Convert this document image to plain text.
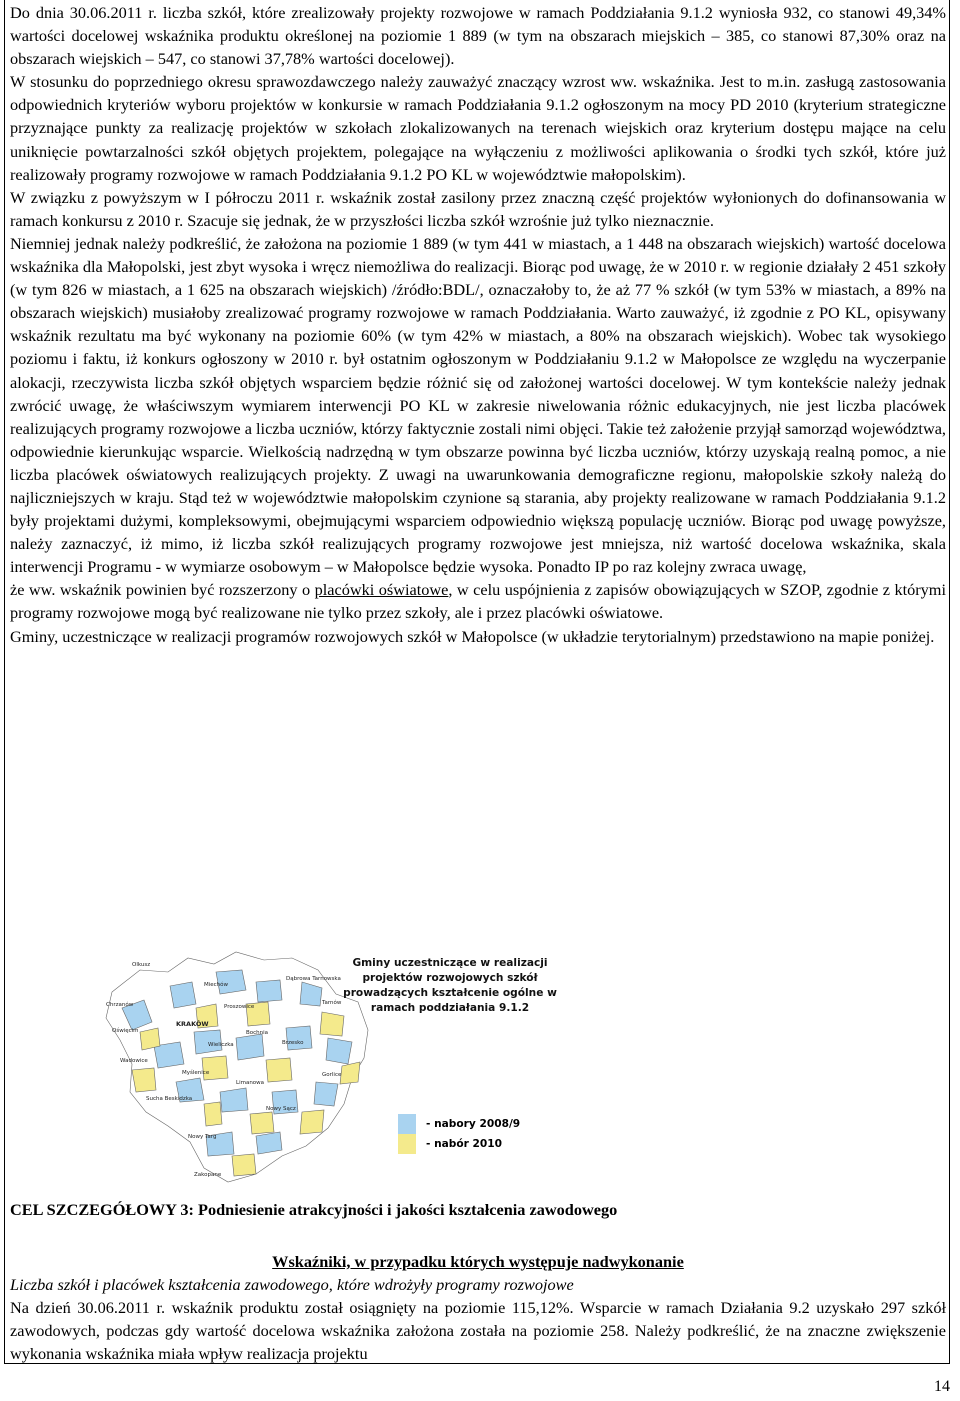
Do dnia 30.06.2011 r. liczba szkół, które zrealizowały projekty rozwojowe w ramach Poddziałania 9.1.2 wyniosła 932, co stanowi 49,34% wartości docelowej wskaźnika produktu określonej na poziomie 1 889 (w tym na obszarach miejskich – 385, co stanowi 87,30% oraz na obszarach wiejskich – 547, co stanowi 37,78% wartości docelowej).

W stosunku do poprzedniego okresu sprawozdawczego należy zauważyć znaczący wzrost ww. wskaźnika. Jest to m.in. zasługą zastosowania odpowiednich kryteriów wyboru projektów w konkursie w ramach Poddziałania 9.1.2 ogłoszonym na mocy PD 2010 (kryterium strategiczne przyznające punkty za realizację projektów w szkołach zlokalizowanych na terenach wiejskich oraz kryterium dostępu mające na celu uniknięcie powtarzalności szkół objętych projektem, polegające na wyłączeniu z możliwości aplikowania o środki tych szkół, które już realizowały programy rozwojowe w ramach Poddziałania 9.1.2 PO KL w województwie małopolskim).

W związku z powyższym w I półroczu 2011 r. wskaźnik został zasilony przez znaczną część projektów wyłonionych do dofinansowania w ramach konkursu z 2010 r. Szacuje się jednak, że w przyszłości liczba szkół wzrośnie już tylko nieznacznie.

Niemniej jednak należy podkreślić, że założona na poziomie 1 889 (w tym 441 w miastach, a 1 448 na obszarach wiejskich) wartość docelowa wskaźnika dla Małopolski, jest zbyt wysoka i wręcz niemożliwa do realizacji. Biorąc pod uwagę, że w 2010 r. w regionie działały 2 451 szkoły (w tym 826 w miastach, a 1 625 na obszarach wiejskich) /źródło:BDL/, oznaczałoby to, że aż 77 % szkół (w tym 53% w miastach, a 89% na obszarach wiejskich) musiałoby zrealizować programy rozwojowe w ramach Poddziałania. Warto zauważyć, iż zgodnie z PO KL, opisywany wskaźnik rezultatu ma być wykonany na poziomie 60% (w tym 42% w miastach, a 80% na obszarach wiejskich). Wobec tak wysokiego poziomu i faktu, iż konkurs ogłoszony w 2010 r. był ostatnim ogłoszonym w Poddziałaniu 9.1.2 w Małopolsce ze względu na wyczerpanie alokacji, rzeczywista liczba szkół objętych wsparciem będzie różnić się od założonej wartości docelowej. W tym kontekście należy jednak zwrócić uwagę, że właściwszym wymiarem interwencji PO KL w zakresie niwelowania różnic edukacyjnych, nie jest liczba placówek realizujących programy rozwojowe a liczba uczniów, którzy faktycznie zostali nimi objęci. Takie też założenie przyjął samorząd województwa, odpowiednie kierunkując wsparcie. Wielkością nadrzędną w tym obszarze powinna być liczba uczniów, którzy uzyskają realną pomoc, a nie liczba placówek oświatowych realizujących projekty. Z uwagi na uwarunkowania demograficzne regionu, małopolskie szkoły należą do najliczniejszych w kraju. Stąd też w województwie małopolskim czynione są starania, aby projekty realizowane w ramach Poddziałania 9.1.2 były projektami dużymi, kompleksowymi, obejmującymi wsparciem odpowiednio większą populację uczniów. Biorąc pod uwagę powyższe, należy zaznaczyć, iż mimo, iż liczba szkół realizujących programy rozwojowe jest mniejsza, niż wartość docelowa wskaźnika, skala interwencji Programu - w wymiarze osobowym – w Małopolsce będzie wysoka. Ponadto IP po raz kolejny zwraca uwagę,

że ww. wskaźnik powinien być rozszerzony o placówki oświatowe, w celu uspójnienia z zapisów obowiązujących w SZOP, zgodnie z którymi programy rozwojowe mogą być realizowane nie tylko przez szkoły, ale i przez placówki oświatowe.

Gminy, uczestniczące w realizacji programów rozwojowych szkół w Małopolsce (w układzie terytorialnym) przedstawiono na mapie poniżej.

Olkusz
Chrzanów
KRAKÓW
Wadowice
Myślenice
Bochnia
Tarnów
Sucha Beskidzka
Limanowa
Nowy Sącz
Gorlice
Nowy Targ
Zakopane
Miechów
Proszowice
Dąbrowa Tarnowska
Brzesko
Oświęcim
Wieliczka
Gminy uczestniczące w realizacji projektów rozwojowych szkół prowadzących kształcenie ogólne w ramach poddziałania 9.1.2
- nabory 2008/9
- nabór 2010
CEL SZCZEGÓŁOWY 3: Podniesienie atrakcyjności i jakości kształcenia zawodowego

Wskaźniki, w przypadku których występuje nadwykonanie

Liczba szkół i placówek kształcenia zawodowego, które wdrożyły programy rozwojowe

Na dzień 30.06.2011 r. wskaźnik produktu został osiągnięty na poziomie 115,12%. Wsparcie w ramach Działania 9.2 uzyskało 297 szkół zawodowych, podczas gdy wartość docelowa wskaźnika założona została na poziomie 258. Należy podkreślić, że na znaczne zwiększenie wykonania wskaźnika miała wpływ realizacja projektu

14
